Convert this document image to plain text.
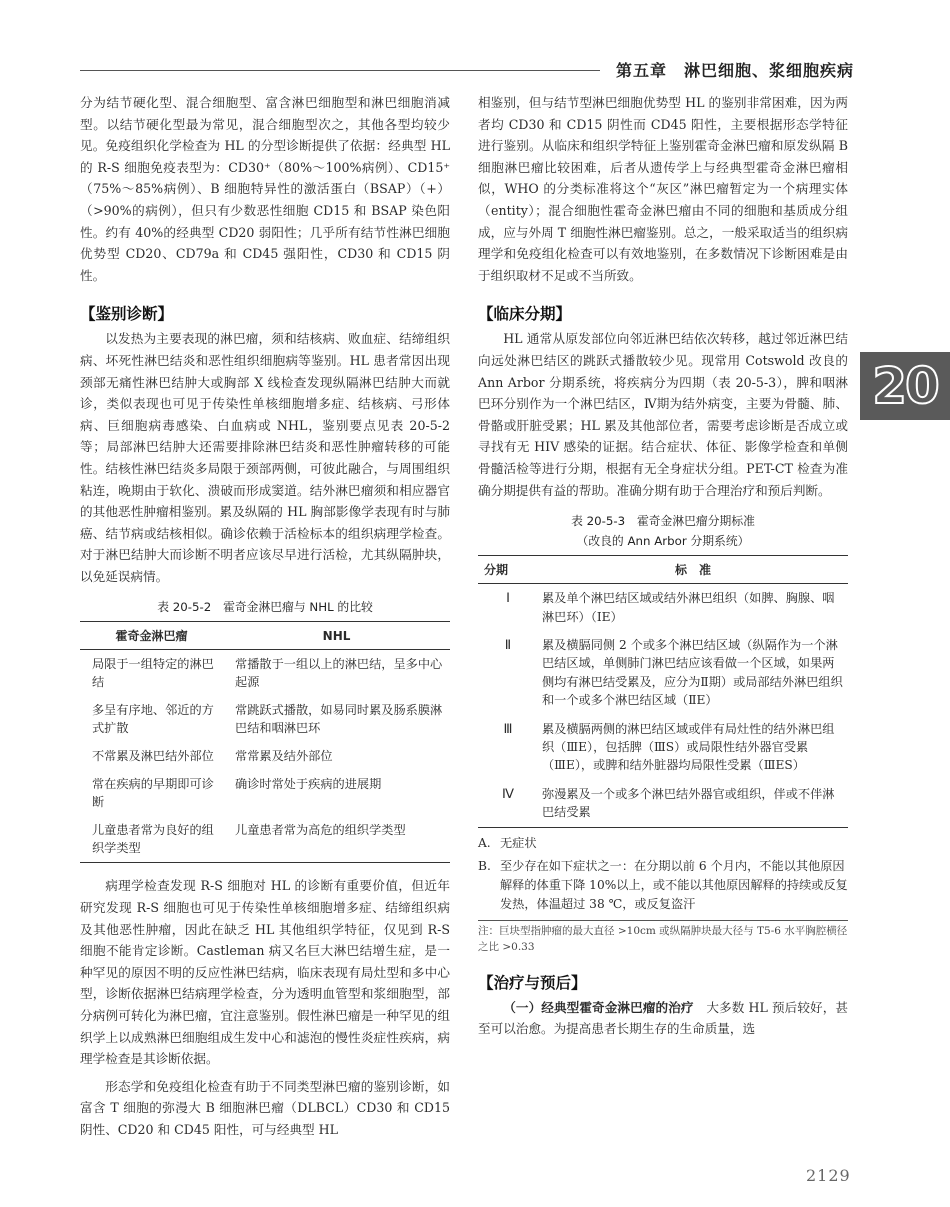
第五章　淋巴细胞、浆细胞疾病
20

分为结节硬化型、混合细胞型、富含淋巴细胞型和淋巴细胞消减型。以结节硬化型最为常见，混合细胞型次之，其他各型均较少见。免疫组织化学检查为 HL 的分型诊断提供了依据：经典型 HL 的 R-S 细胞免疫表型为：CD30⁺（80%～100%病例）、CD15⁺（75%～85%病例）、B 细胞特异性的激活蛋白（BSAP）（+）（>90%的病例），但只有少数恶性细胞 CD15 和 BSAP 染色阳性。约有 40%的经典型 CD20 弱阳性；几乎所有结节性淋巴细胞优势型 CD20、CD79a 和 CD45 强阳性，CD30 和 CD15 阴性。

【鉴别诊断】

以发热为主要表现的淋巴瘤，须和结核病、败血症、结缔组织病、坏死性淋巴结炎和恶性组织细胞病等鉴别。HL 患者常因出现颈部无痛性淋巴结肿大或胸部 X 线检查发现纵隔淋巴结肿大而就诊，类似表现也可见于传染性单核细胞增多症、结核病、弓形体病、巨细胞病毒感染、白血病或 NHL，鉴别要点见表 20-5-2 等；局部淋巴结肿大还需要排除淋巴结炎和恶性肿瘤转移的可能性。结核性淋巴结炎多局限于颈部两侧，可彼此融合，与周围组织粘连，晚期由于软化、溃破而形成窦道。结外淋巴瘤须和相应器官的其他恶性肿瘤相鉴别。累及纵隔的 HL 胸部影像学表现有时与肺癌、结节病或结核相似。确诊依赖于活检标本的组织病理学检查。对于淋巴结肿大而诊断不明者应该尽早进行活检，尤其纵隔肿块，以免延误病情。

表 20-5-2　霍奇金淋巴瘤与 NHL 的比较
霍奇金淋巴瘤	NHL
局限于一组特定的淋巴结	常播散于一组以上的淋巴结，呈多中心起源
多呈有序地、邻近的方式扩散	常跳跃式播散，如易同时累及肠系膜淋巴结和咽淋巴环
不常累及淋巴结外部位	常常累及结外部位
常在疾病的早期即可诊断	确诊时常处于疾病的进展期
儿童患者常为良好的组织学类型	儿童患者常为高危的组织学类型

病理学检查发现 R-S 细胞对 HL 的诊断有重要价值，但近年研究发现 R-S 细胞也可见于传染性单核细胞增多症、结缔组织病及其他恶性肿瘤，因此在缺乏 HL 其他组织学特征，仅见到 R-S 细胞不能肯定诊断。Castleman 病又名巨大淋巴结增生症，是一种罕见的原因不明的反应性淋巴结病，临床表现有局灶型和多中心型，诊断依据淋巴结病理学检查，分为透明血管型和浆细胞型，部分病例可转化为淋巴瘤，宜注意鉴别。假性淋巴瘤是一种罕见的组织学上以成熟淋巴细胞组成生发中心和滤泡的慢性炎症性疾病，病理学检查是其诊断依据。

形态学和免疫组化检查有助于不同类型淋巴瘤的鉴别诊断，如富含 T 细胞的弥漫大 B 细胞淋巴瘤（DLBCL）CD30 和 CD15 阴性、CD20 和 CD45 阳性，可与经典型 HL

相鉴别，但与结节型淋巴细胞优势型 HL 的鉴别非常困难，因为两者均 CD30 和 CD15 阴性而 CD45 阳性，主要根据形态学特征进行鉴别。从临床和组织学特征上鉴别霍奇金淋巴瘤和原发纵隔 B 细胞淋巴瘤比较困难，后者从遗传学上与经典型霍奇金淋巴瘤相似，WHO 的分类标准将这个“灰区”淋巴瘤暂定为一个病理实体（entity）；混合细胞性霍奇金淋巴瘤由不同的细胞和基质成分组成，应与外周 T 细胞性淋巴瘤鉴别。总之，一般采取适当的组织病理学和免疫组化检查可以有效地鉴别，在多数情况下诊断困难是由于组织取材不足或不当所致。

【临床分期】

HL 通常从原发部位向邻近淋巴结依次转移，越过邻近淋巴结向远处淋巴结区的跳跃式播散较少见。现常用 Cotswold 改良的 Ann Arbor 分期系统，将疾病分为四期（表 20-5-3），脾和咽淋巴环分别作为一个淋巴结区，Ⅳ期为结外病变，主要为骨髓、肺、骨骼或肝脏受累；HL 累及其他部位者，需要考虑诊断是否成立或寻找有无 HIV 感染的证据。结合症状、体征、影像学检查和单侧骨髓活检等进行分期，根据有无全身症状分组。PET-CT 检查为准确分期提供有益的帮助。准确分期有助于合理治疗和预后判断。

表 20-5-3　霍奇金淋巴瘤分期标准
（改良的 Ann Arbor 分期系统）
分期	标　准
Ⅰ	累及单个淋巴结区域或结外淋巴组织（如脾、胸腺、咽淋巴环）（ⅠE）
Ⅱ	累及横膈同侧 2 个或多个淋巴结区域（纵隔作为一个淋巴结区域，单侧肺门淋巴结应该看做一个区域，如果两侧均有淋巴结受累及，应分为Ⅱ期）或局部结外淋巴组织和一个或多个淋巴结区域（ⅡE）
Ⅲ	累及横膈两侧的淋巴结区域或伴有局灶性的结外淋巴组织（ⅢE），包括脾（ⅢS）或局限性结外器官受累（ⅢE），或脾和结外脏器均局限性受累（ⅢES）
Ⅳ	弥漫累及一个或多个淋巴结外器官或组织，伴或不伴淋巴结受累
A. 无症状
B. 至少存在如下症状之一：在分期以前 6 个月内，不能以其他原因解释的体重下降 10%以上，或不能以其他原因解释的持续或反复发热，体温超过 38 ℃，或反复盗汗
注：巨块型指肿瘤的最大直径 >10cm 或纵隔肿块最大径与 T5-6 水平胸腔横径之比 >0.33
【治疗与预后】

（一）经典型霍奇金淋巴瘤的治疗　 大多数 HL 预后较好，甚至可以治愈。为提高患者长期生存的生命质量，选

2129
